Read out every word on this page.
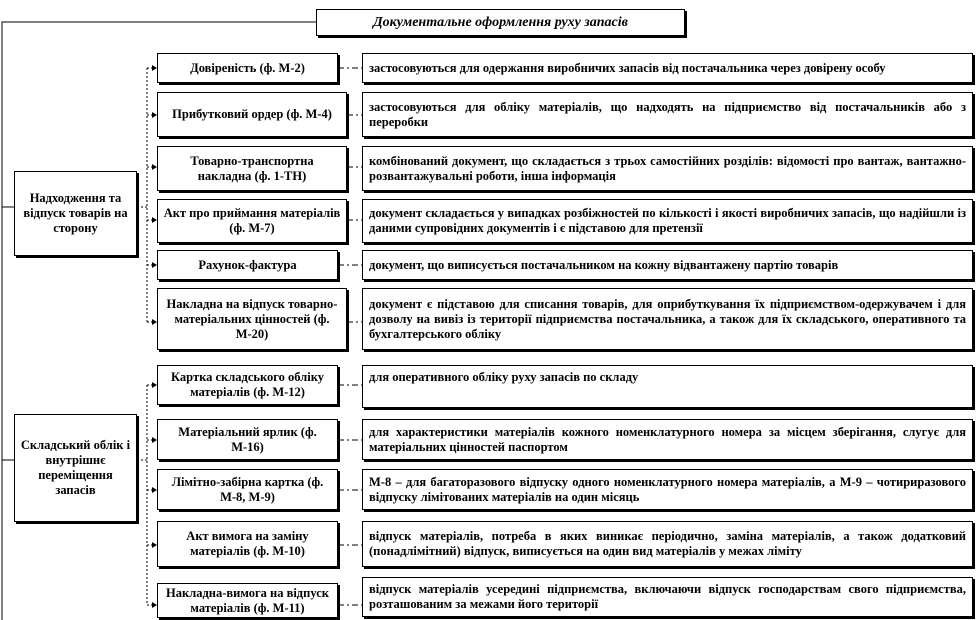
Документальне оформлення руху запасів
Надходження та відпуск товарів на сторону
Довіреність (ф. М-2)
Прибутковий ордер (ф. М-4)
Товарно-транспортна накладна (ф. 1-ТН)
Акт про приймання матеріалів (ф. М-7)
Рахунок-фактура
Накладна на відпуск товарно-матеріальних цінностей (ф. М-20)
застосовуються для одержання виробничих запасів від постачальника через довірену особу
застосовуються для обліку матеріалів, що надходять на підприємство від постачальників або з переробки
комбінований документ, що складається з трьох самостійних розділів: відомості про вантаж, вантажно-розвантажувальні роботи, інша інформація
документ складається у випадках розбіжностей по кількості і якості виробничих запасів, що надійшли із даними супровідних документів і є підставою для претензії
документ, що виписується постачальником на кожну відвантажену партію товарів
документ є підставою для списання товарів, для оприбуткування їх підприємством-одержувачем і для дозволу на вивіз із території підприємства постачальника, а також для їх складського, оперативного та бухгалтерського обліку
Складський облік і внутрішнє переміщення запасів
Картка складського обліку матеріалів (ф. М-12)
Матеріальний ярлик (ф. М-16)
Лімітно-забірна картка (ф. М-8, М-9)
Акт вимога на заміну матеріалів (ф. М-10)
Накладна-вимога на відпуск матеріалів (ф. М-11)
для оперативного обліку руху запасів по складу
для характеристики матеріалів кожного номенклатурного номера за місцем зберігання, слугує для матеріальних цінностей паспортом
М-8 – для багаторазового відпуску одного номенклатурного номера матеріалів, а М-9 – чотириразового відпуску лімітованих матеріалів на один місяць
відпуск матеріалів, потреба в яких виникає періодично, заміна матеріалів, а також додатковий (понадлімітний) відпуск, виписується на один вид матеріалів у межах ліміту
відпуск матеріалів усередині підприємства, включаючи відпуск господарствам свого підприємства, розташованим за межами його території
